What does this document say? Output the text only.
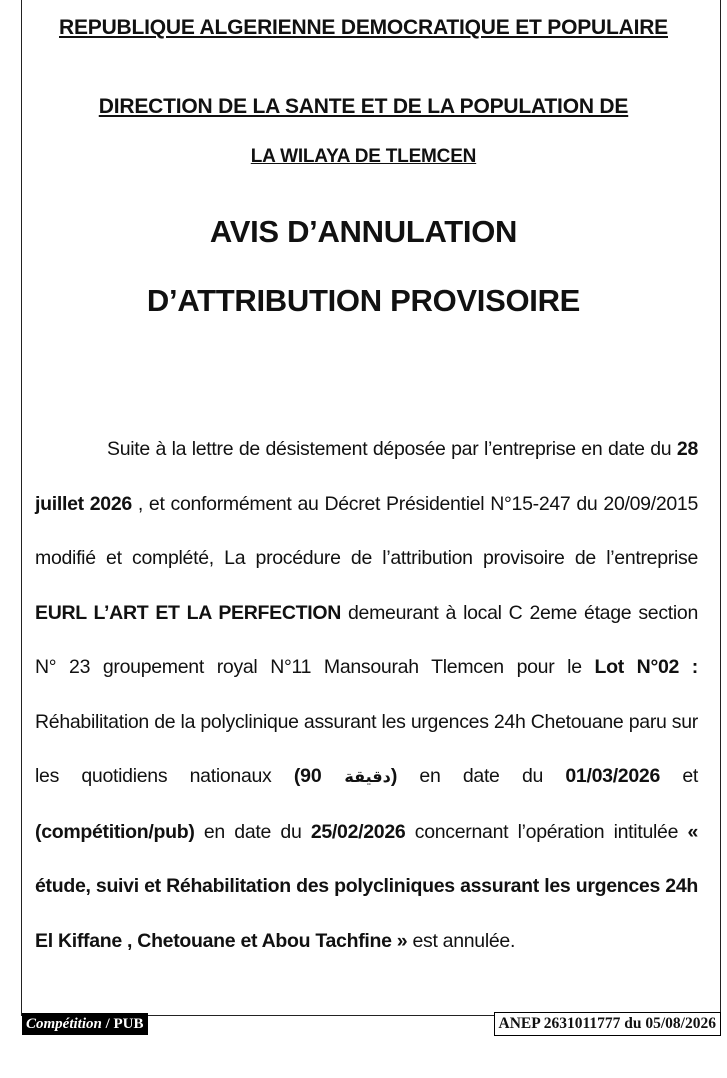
REPUBLIQUE ALGERIENNE DEMOCRATIQUE ET POPULAIRE
DIRECTION DE LA SANTE ET DE LA POPULATION DE
LA WILAYA DE TLEMCEN
AVIS D’ANNULATION
D’ATTRIBUTION PROVISOIRE

Suite à la lettre de désistement déposée par l’entreprise en date du 28 juillet 2026 , et conformément au Décret Présidentiel N°15-247 du 20/09/2015 modifié et complété, La procédure de l’attribution provisoire de l’entreprise EURL L’ART ET LA PERFECTION demeurant à local C 2eme étage section N° 23 groupement royal N°11 Mansourah Tlemcen pour le Lot N°02 : Réhabilitation de la polyclinique assurant les urgences 24h Chetouane paru sur les quotidiens nationaux (	دقيقة 90) en date du 01/03/2026 et (compétition/pub) en date du 25/02/2026 concernant l’opération intitulée « étude, suivi et Réhabilitation des polycliniques assurant les urgences 24h El Kiffane , Chetouane et Abou Tachfine » est annulée.

Compétition / PUB	ANEP 2631011777 du 05/08/2026
